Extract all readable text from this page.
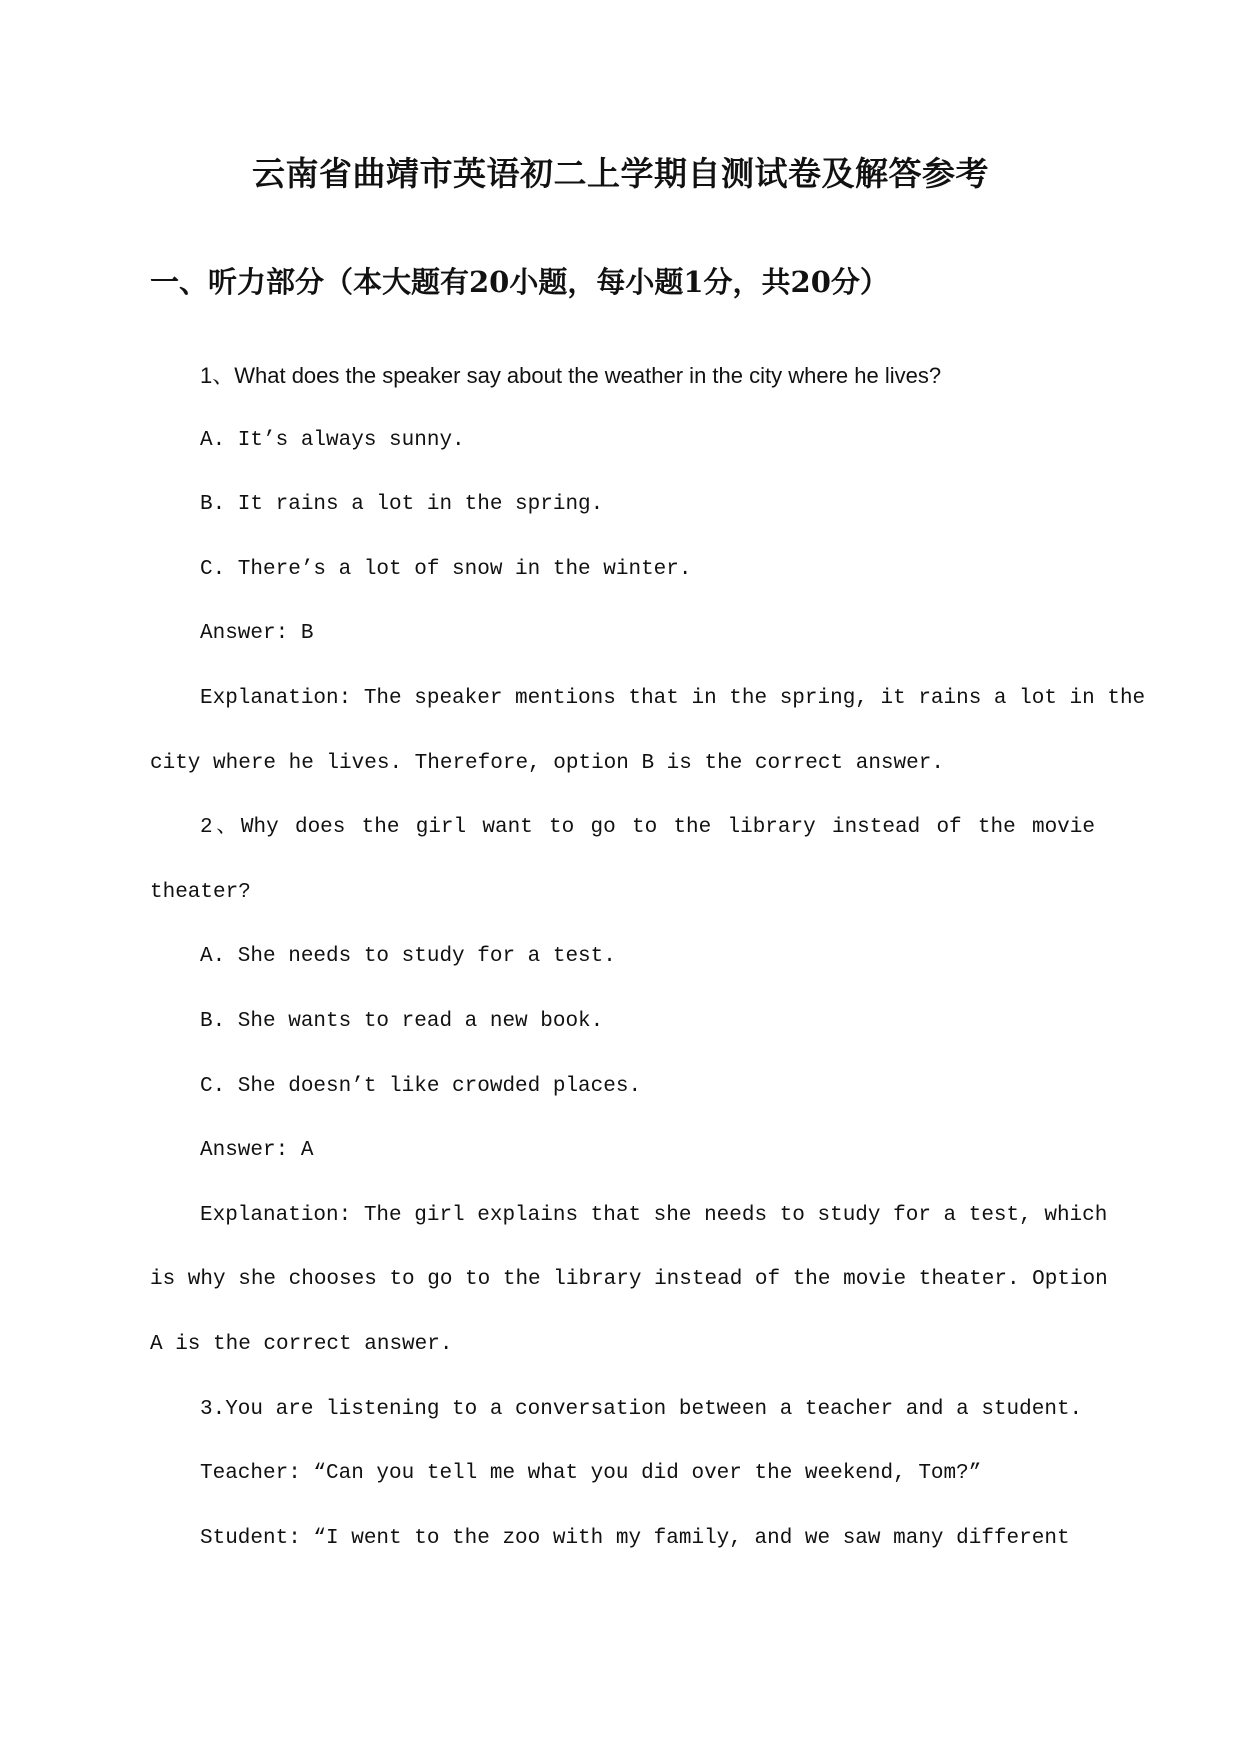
云南省曲靖市英语初二上学期自测试卷及解答参考
一、听力部分（本大题有20小题，每小题1分，共20分）
1、What does the speaker say about the weather in the city where he lives?
A. It’s always sunny.
B. It rains a lot in the spring.
C. There’s a lot of snow in the winter.
Answer: B
Explanation: The speaker mentions that in the spring, it rains a lot in the
city where he lives. Therefore, option B is the correct answer.
2、Why does the girl want to go to the library instead of the movie
theater?
A. She needs to study for a test.
B. She wants to read a new book.
C. She doesn’t like crowded places.
Answer: A
Explanation: The girl explains that she needs to study for a test, which
is why she chooses to go to the library instead of the movie theater. Option
A is the correct answer.
3.You are listening to a conversation between a teacher and a student.
Teacher: “Can you tell me what you did over the weekend, Tom?”
Student: “I went to the zoo with my family, and we saw many different
